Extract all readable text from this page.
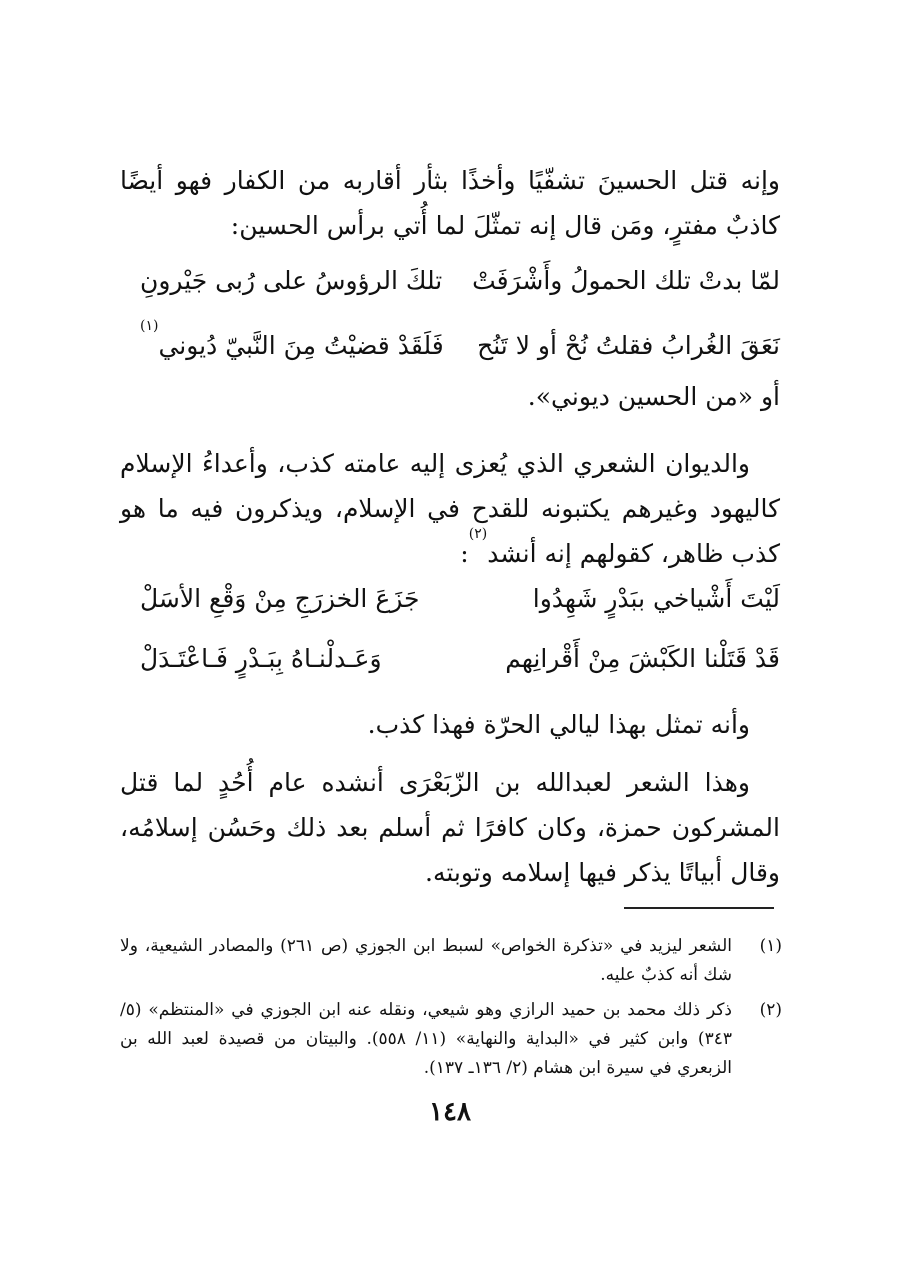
وإنه قتل الحسينَ تشفّيًا وأخذًا بثأر أقاربه من الكفار فهو أيضًا كاذبٌ مفترٍ، ومَن قال إنه تمثّلَ لما أُتي برأس الحسين:
لمّا بدتْ تلك الحمولُ وأَشْرَفَتْ
تلكَ الرؤوسُ على رُبى جَيْرونِ
نَعَقَ الغُرابُ فقلتُ نُحْ أو لا تَنُح
فَلَقَدْ قضيْتُ مِنَ النَّبيّ دُيوني$^{(١)}$
أو «من الحسين ديوني».
والديوان الشعري الذي يُعزى إليه عامته كذب، وأعداءُ الإسلام كاليهود وغيرهم يكتبونه للقدح في الإسلام، ويذكرون فيه ما هو كذب ظاهر، كقولهم إنه أنشد$^{(٢)}$:
لَيْتَ أَشْياخي ببَدْرٍ شَهِدُوا
جَزَعَ الخزرَجِ مِنْ وَقْعِ الأسَلْ
قَدْ قَتَلْنا الكَبْشَ مِنْ أَقْرانِهم
وَعَـدلْنـاهُ بِبَـدْرٍ فَـاعْتَـدَلْ
وأنه تمثل بهذا ليالي الحرّة فهذا كذب.
وهذا الشعر لعبدالله بن الزّبَعْرَى أنشده عام أُحُدٍ لما قتل المشركون حمزة، وكان كافرًا ثم أسلم بعد ذلك وحَسُن إسلامُه، وقال أبياتًا يذكر فيها إسلامه وتوبته.
(١)
الشعر ليزيد في «تذكرة الخواص» لسبط ابن الجوزي (ص ٢٦١) والمصادر الشيعية، ولا شك أنه كذبٌ عليه.
(٢)
ذكر ذلك محمد بن حميد الرازي وهو شيعي، ونقله عنه ابن الجوزي في «المنتظم» (٥/ ٣٤٣) وابن كثير في «البداية والنهاية» (١١/ ٥٥٨). والبيتان من قصيدة لعبد الله بن الزبعري في سيرة ابن هشام (٢/ ١٣٦ـ ١٣٧).
١٤٨
